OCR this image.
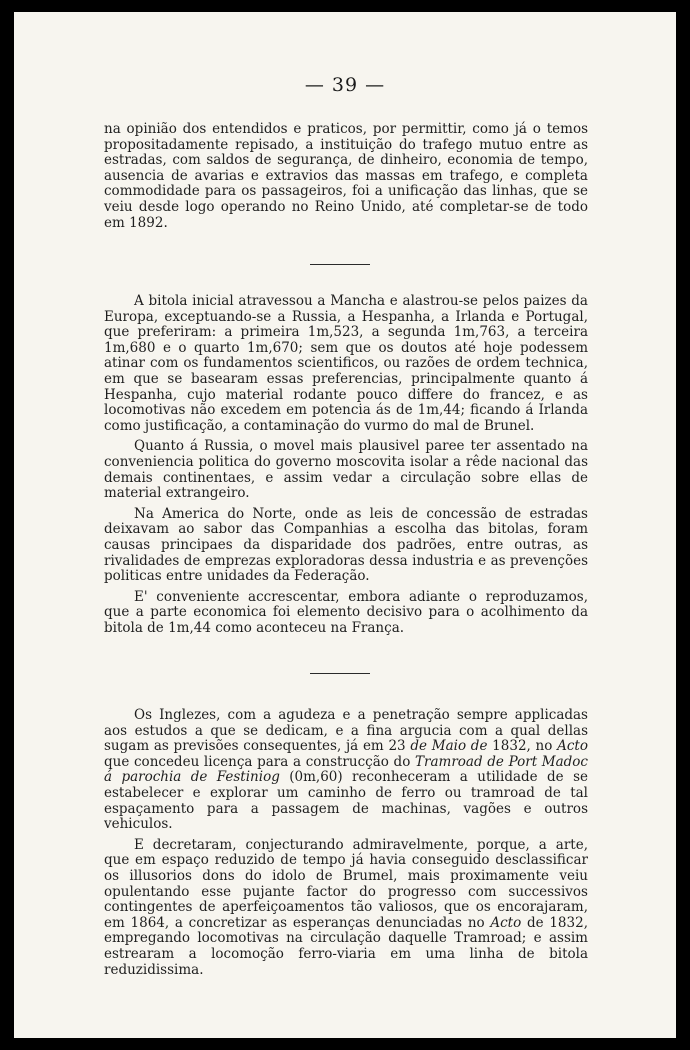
— 39 —

na opinião dos entendidos e praticos, por permittir, como já o temos propositadamente repisado, a instituição do trafego mutuo entre as estradas, com saldos de segurança, de dinheiro, economia de tempo, ausencia de avarias e extravios das massas em trafego, e completa commodidade para os passageiros, foi a unificação das linhas, que se veiu desde logo operando no Reino Unido, até completar-se de todo em 1892.

A bitola inicial atravessou a Mancha e alastrou-se pelos paizes da Europa, exceptuando-se a Russia, a Hespanha, a Irlanda e Portugal, que preferiram: a primeira 1m,523, a segunda 1m,763, a terceira 1m,680 e o quarto 1m,670; sem que os doutos até hoje podessem atinar com os fundamentos scientificos, ou razões de ordem technica, em que se basearam essas preferencias, principalmente quanto á Hespanha, cujo material rodante pouco differe do francez, e as locomotivas não excedem em potencia ás de 1m,44; ficando á Irlanda como justificação, a contaminação do vurmo do mal de Brunel.

Quanto á Russia, o movel mais plausivel paree ter assentado na conveniencia politica do governo moscovita isolar a rêde nacional das demais continentaes, e assim vedar a circulação sobre ellas de material extrangeiro.

Na America do Norte, onde as leis de concessão de estradas deixavam ao sabor das Companhias a escolha das bitolas, foram causas principaes da disparidade dos padrões, entre outras, as rivalidades de emprezas exploradoras dessa industria e as prevenções politicas entre unidades da Federação.

E' conveniente accrescentar, embora adiante o reproduzamos, que a parte economica foi elemento decisivo para o acolhimento da bitola de 1m,44 como aconteceu na França.

Os Inglezes, com a agudeza e a penetração sempre applicadas aos estudos a que se dedicam, e a fina argucia com a qual dellas sugam as previsões consequentes, já em 23 de Maio de 1832, no Acto que concedeu licença para a construcção do Tramroad de Port Madoc á parochia de Festiniog (0m,60) reconheceram a utilidade de se estabelecer e explorar um caminho de ferro ou tramroad de tal espaçamento para a passagem de machinas, vagões e outros vehiculos.

E decretaram, conjecturando admiravelmente, porque, a arte, que em espaço reduzido de tempo já havia conseguido desclassificar os illusorios dons do idolo de Brumel, mais proximamente veiu opulentando esse pujante factor do progresso com successivos contingentes de aperfeiçoamentos tão valiosos, que os encorajaram, em 1864, a concretizar as esperanças denunciadas no Acto de 1832, empregando locomotivas na circulação daquelle Tramroad; e assim estrearam a locomoção ferro-viaria em uma linha de bitola reduzidissima.
